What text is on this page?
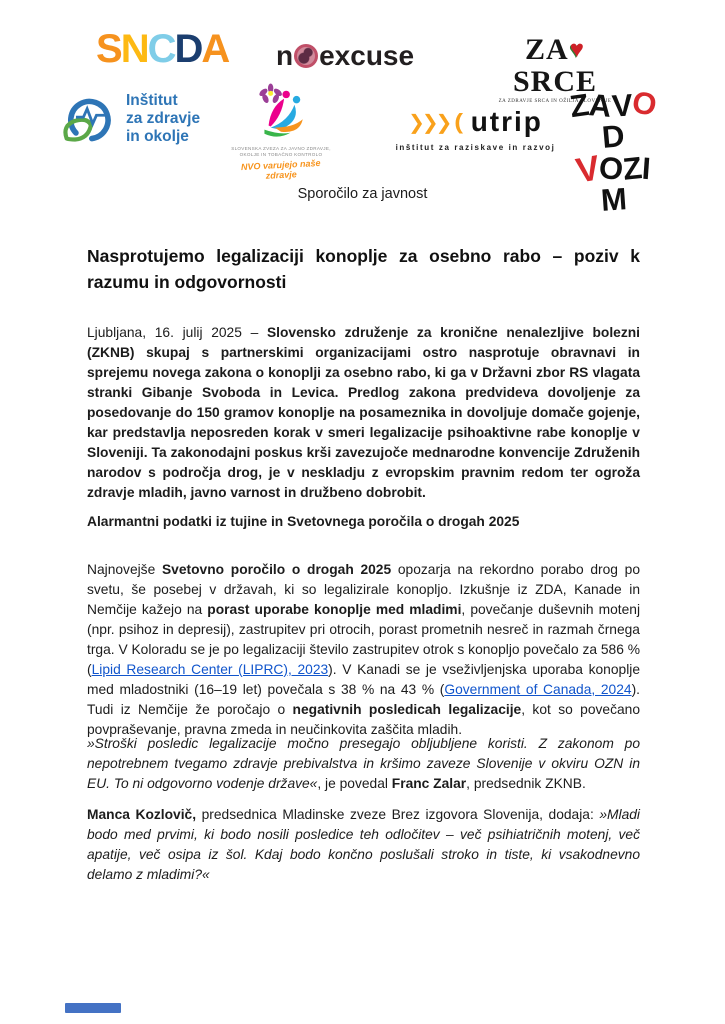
SNCDA n excuse	ZA♥SRCE
ZA ZDRAVJE SRCA IN OŽILJA SLOVENIJE
Inštitut
za zdravje
in okolje
SLOVENSKA ZVEZA ZA JAVNO ZDRAVJE, OKOLJE IN TOBAČNO KONTROLO
NVO varujejo naše zdravje
❯❯❯ ( utrip
inštitut za raziskave in razvoj
ZAVOD
VOZIM
Sporočilo za javnost
Nasprotujemo legalizaciji konoplje za osebno rabo – poziv k razumu in odgovornosti

Ljubljana, 16. julij 2025 – Slovensko združenje za kronične nenalezljive bolezni (ZKNB) skupaj s partnerskimi organizacijami ostro nasprotuje obravnavi in sprejemu novega zakona o konoplji za osebno rabo, ki ga v Državni zbor RS vlagata stranki Gibanje Svoboda in Levica. Predlog zakona predvideva dovoljenje za posedovanje do 150 gramov konoplje na posameznika in dovoljuje domače gojenje, kar predstavlja neposreden korak v smeri legalizacije psihoaktivne rabe konoplje v Sloveniji. Ta zakonodajni poskus krši zavezujoče mednarodne konvencije Združenih narodov s področja drog, je v neskladju z evropskim pravnim redom ter ogroža zdravje mladih, javno varnost in družbeno dobrobit.

Alarmantni podatki iz tujine in Svetovnega poročila o drogah 2025

Najnovejše Svetovno poročilo o drogah 2025 opozarja na rekordno porabo drog po svetu, še posebej v državah, ki so legalizirale konopljo. Izkušnje iz ZDA, Kanade in Nemčije kažejo na porast uporabe konoplje med mladimi, povečanje duševnih motenj (npr. psihoz in depresij), zastrupitev pri otrocih, porast prometnih nesreč in razmah črnega trga. V Koloradu se je po legalizaciji število zastrupitev otrok s konopljo povečalo za 586 % (Lipid Research Center (LIPRC), 2023). V Kanadi se je vseživljenjska uporaba konoplje med mladostniki (16–19 let) povečala s 38 % na 43 % (Government of Canada, 2024). Tudi iz Nemčije že poročajo o negativnih posledicah legalizacije, kot so povečano povpraševanje, pravna zmeda in neučinkovita zaščita mladih.

»Stroški posledic legalizacije močno presegajo obljubljene koristi. Z zakonom po nepotrebnem tvegamo zdravje prebivalstva in kršimo zaveze Slovenije v okviru OZN in EU. To ni odgovorno vodenje države«, je povedal Franc Zalar, predsednik ZKNB.

Manca Kozlovič, predsednica Mladinske zveze Brez izgovora Slovenija, dodaja: »Mladi bodo med prvimi, ki bodo nosili posledice teh odločitev – več psihiatričnih motenj, več apatije, več osipa iz šol. Kdaj bodo končno poslušali stroko in tiste, ki vsakodnevno delamo z mladimi?«
